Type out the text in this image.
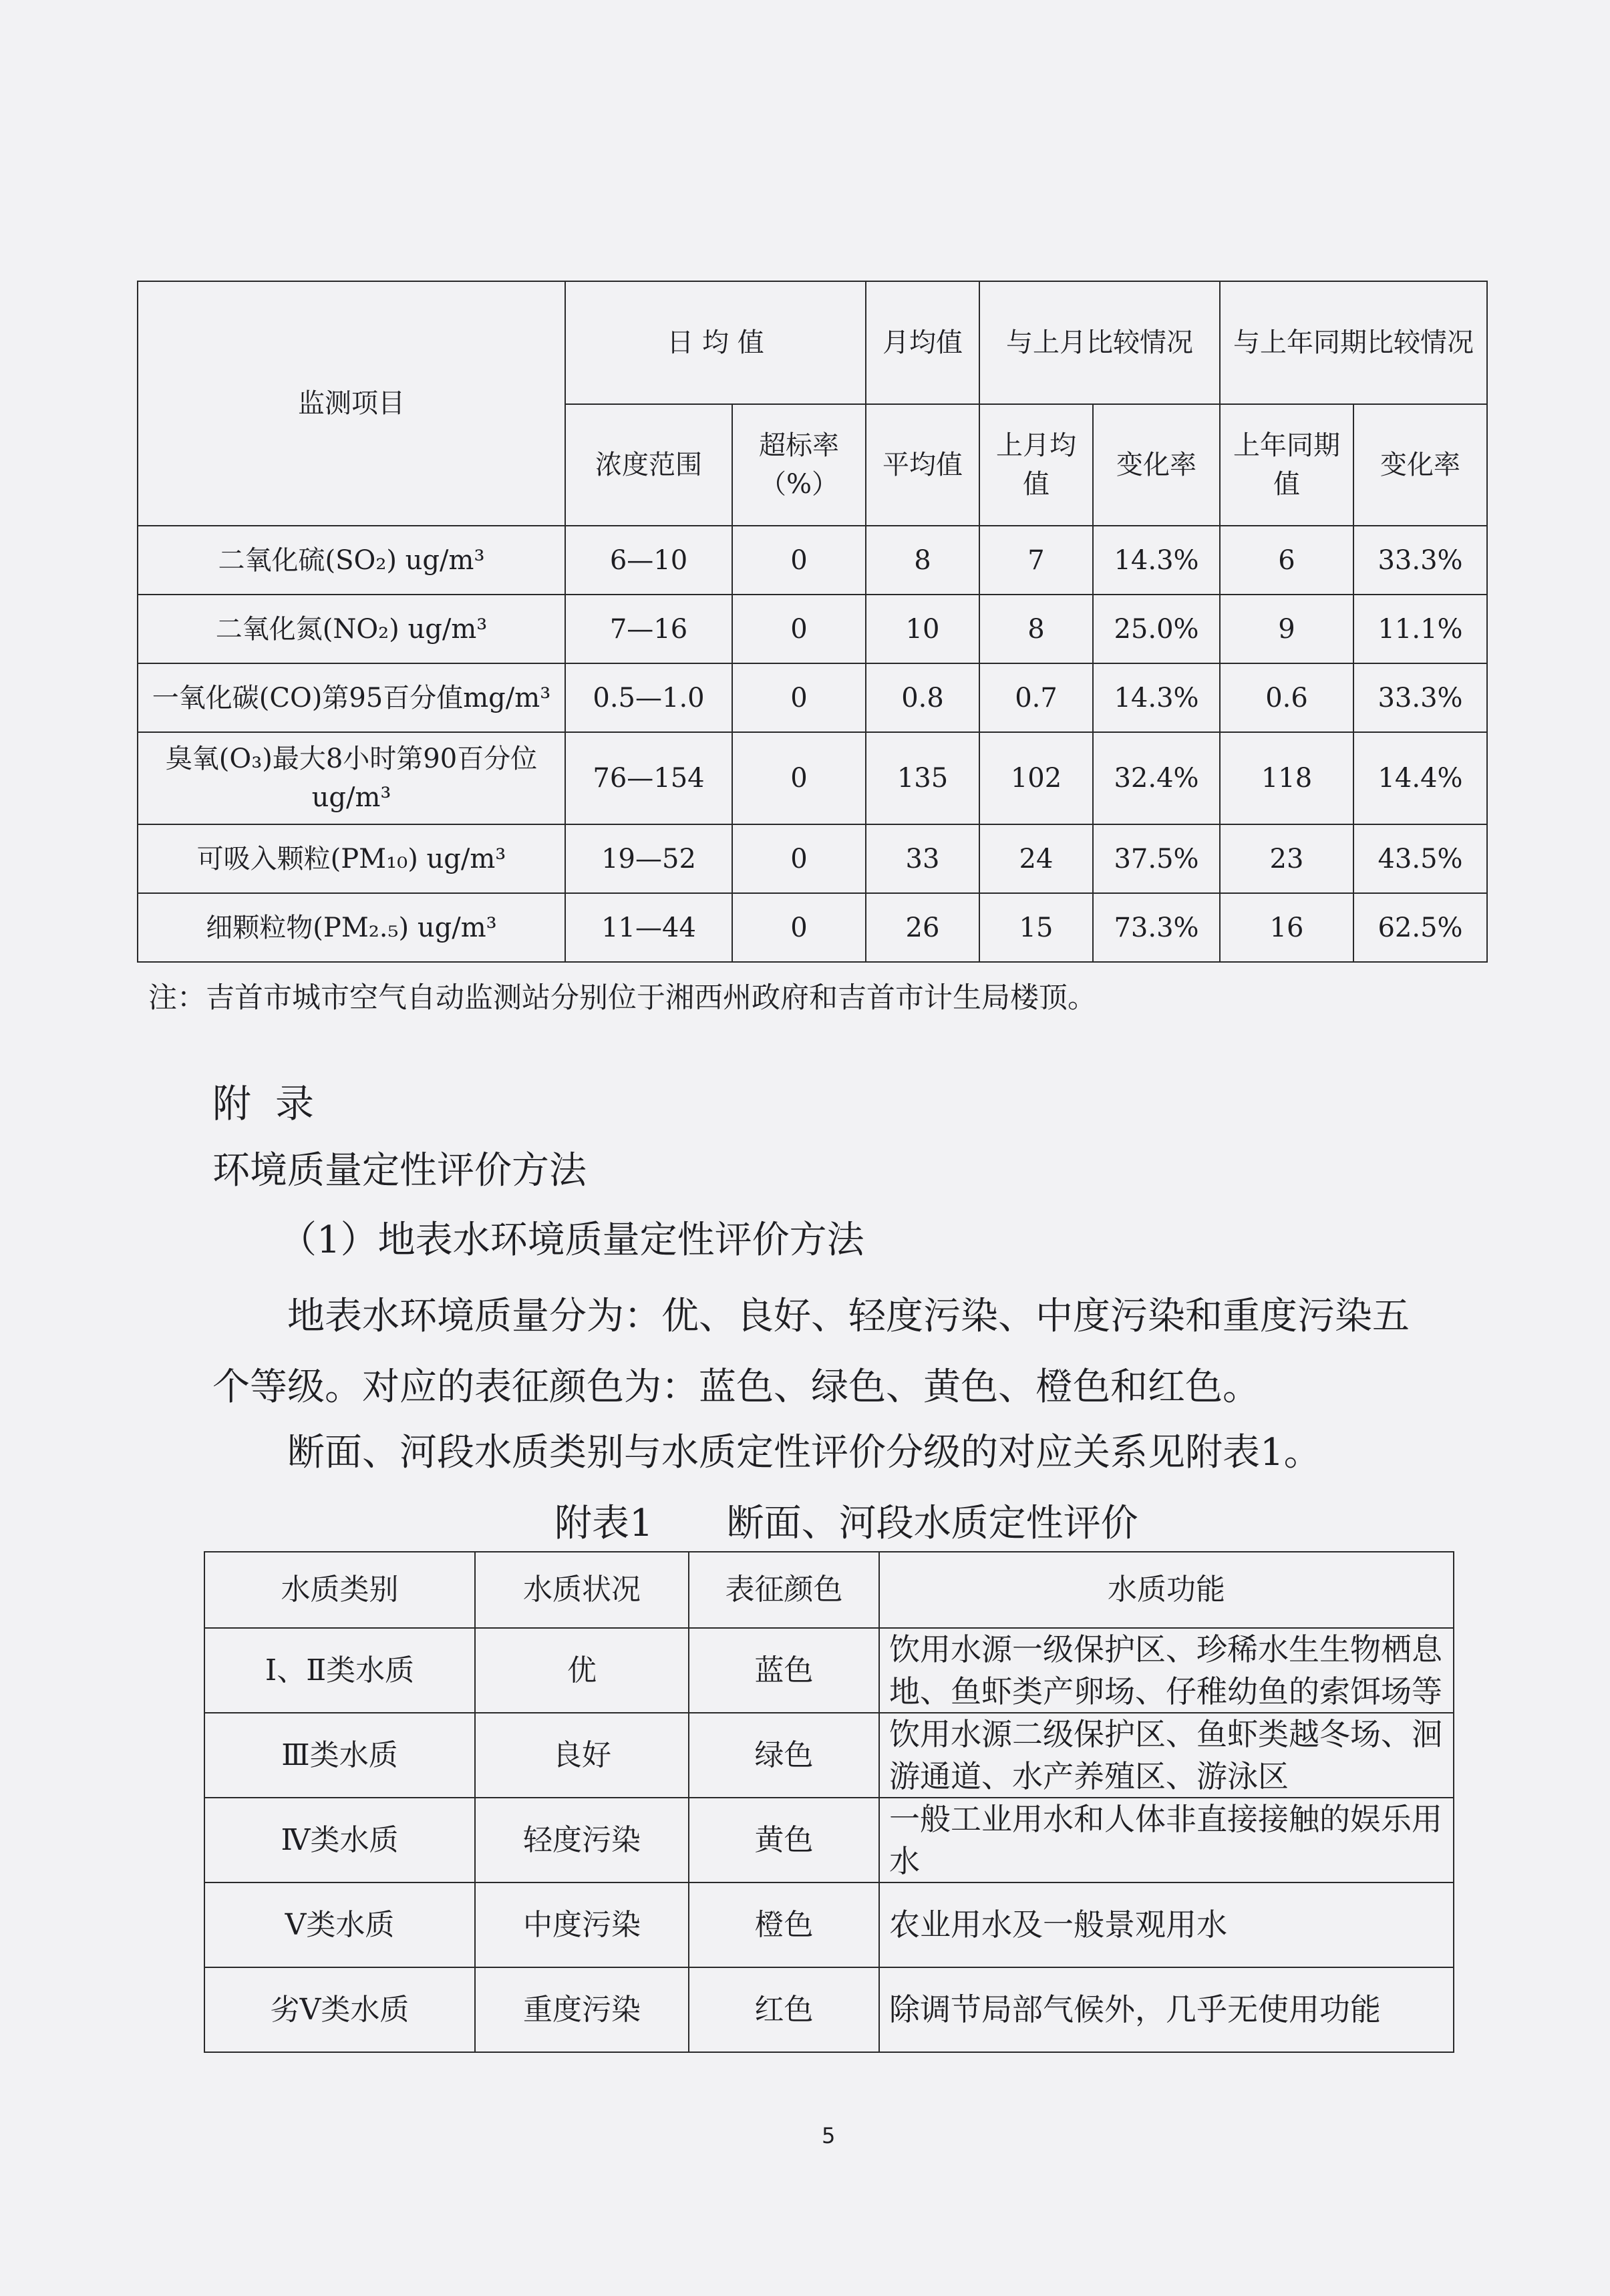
监测项目	日 均 值		月均值	与上月比较情况		与上年同期比较情况	
	浓度范围	超标率（%）	平均值	上月均值	变化率	上年同期值	变化率
二氧化硫(SO₂) ug/m³	6—10	0	8	7	14.3%	6	33.3%
二氧化氮(NO₂) ug/m³	7—16	0	10	8	25.0%	9	11.1%
一氧化碳(CO)第95百分值mg/m³	0.5—1.0	0	0.8	0.7	14.3%	0.6	33.3%
臭氧(O₃)最大8小时第90百分位 ug/m³	76—154	0	135	102	32.4%	118	14.4%
可吸入颗粒(PM₁₀) ug/m³	19—52	0	33	24	37.5%	23	43.5%
细颗粒物(PM₂.₅) ug/m³	11—44	0	26	15	73.3%	16	62.5%
注：吉首市城市空气自动监测站分别位于湘西州政府和吉首市计生局楼顶。
附录
环境质量定性评价方法
（1）地表水环境质量定性评价方法
地表水环境质量分为：优、良好、轻度污染、中度污染和重度污染五个等级。对应的表征颜色为：蓝色、绿色、黄色、橙色和红色。
断面、河段水质类别与水质定性评价分级的对应关系见附表1。
附表1 断面、河段水质定性评价
水质类别	水质状况	表征颜色	水质功能
Ⅰ、Ⅱ类水质	优	蓝色	饮用水源一级保护区、珍稀水生生物栖息地、鱼虾类产卵场、仔稚幼鱼的索饵场等
Ⅲ类水质	良好	绿色	饮用水源二级保护区、鱼虾类越冬场、洄游通道、水产养殖区、游泳区
Ⅳ类水质	轻度污染	黄色	一般工业用水和人体非直接接触的娱乐用水
Ⅴ类水质	中度污染	橙色	农业用水及一般景观用水
劣Ⅴ类水质	重度污染	红色	除调节局部气候外，几乎无使用功能
5
